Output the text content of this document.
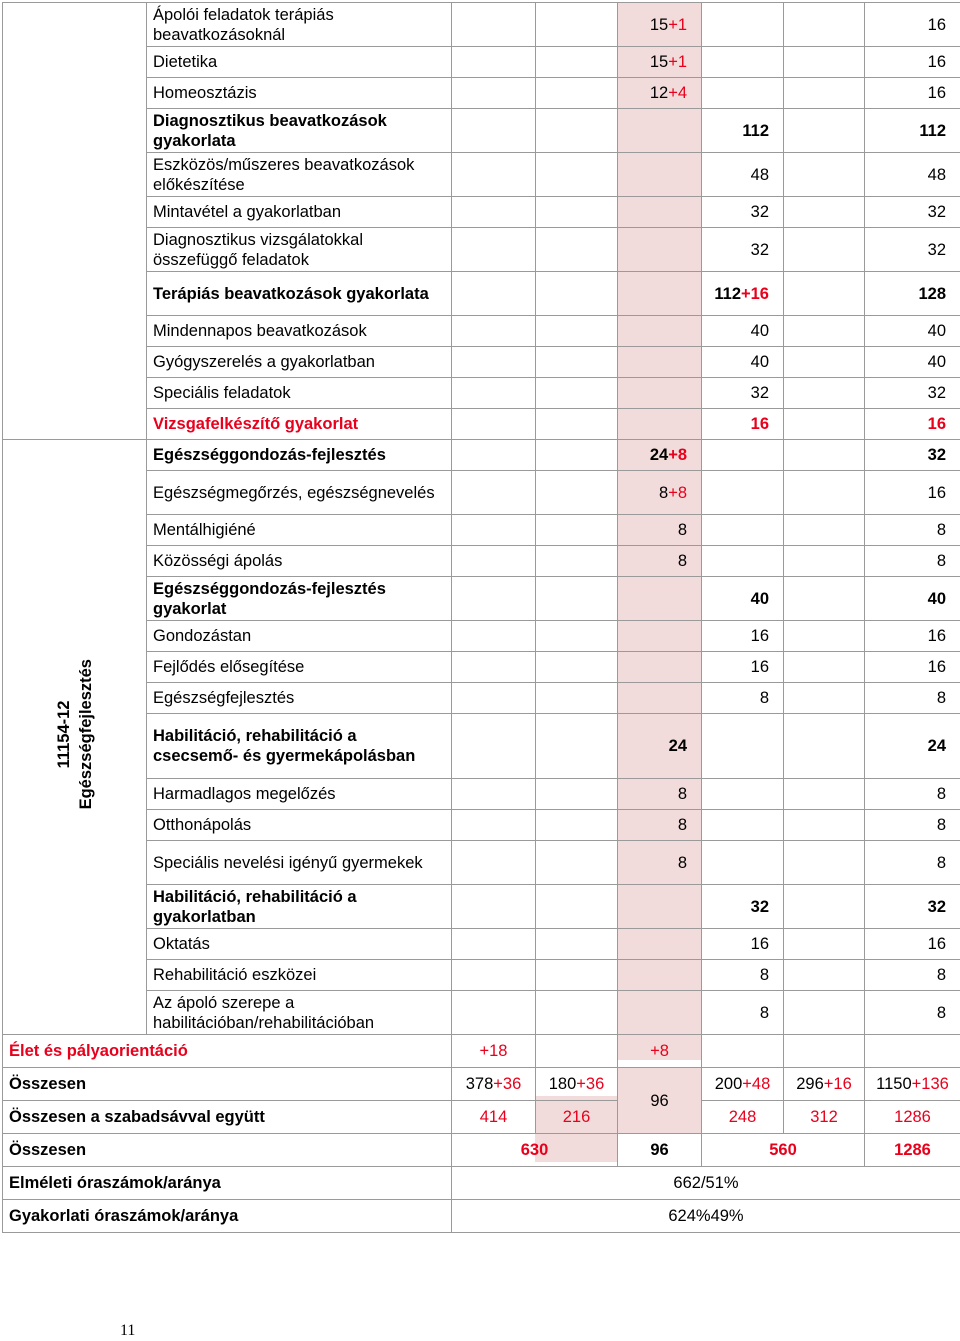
	Ápolói feladatok terápiás beavatkozásoknál			15+1			16
	Dietetika			15+1			16
	Homeosztázis			12+4			16
	Diagnosztikus beavatkozások gyakorlata				112		112
	Eszközös/műszeres beavatkozások előkészítése				48		48
	Mintavétel a gyakorlatban				32		32
	Diagnosztikus vizsgálatokkal összefüggő feladatok				32		32
	Terápiás beavatkozások gyakorlata				112+16		128
	Mindennapos beavatkozások				40		40
	Gyógyszerelés a gyakorlatban				40		40
	Speciális feladatok				32		32
	Vizsgafelkészítő gyakorlat				16		16
11154-12 Egészségfejlesztés	Egészséggondozás-fejlesztés			24+8			32
	Egészségmegőrzés, egészségnevelés			8+8			16
	Mentálhigiéné			8			8
	Közösségi ápolás			8			8
	Egészséggondozás-fejlesztés gyakorlat				40		40
	Gondozástan				16		16
	Fejlődés elősegítése				16		16
	Egészségfejlesztés				8		8
	Habilitáció, rehabilitáció a csecsemő- és gyermekápolásban			24			24
	Harmadlagos megelőzés			8			8
	Otthonápolás			8			8
	Speciális nevelési igényű gyermekek			8			8
	Habilitáció, rehabilitáció a gyakorlatban				32		32
	Oktatás				16		16
	Rehabilitáció eszközei				8		8
	Az ápoló szerepe a habilitációban/rehabilitációban				8		8
Élet és pályaorientáció		+18		+8			
Összesen		378+36	180+36	96	200+48	296+16	1150+136
Összesen a szabadsávval együtt		414	216		248	312	1286
Összesen		630		96	560		1286
Elméleti óraszámok/aránya		662/51%					
Gyakorlati óraszámok/aránya		624%49%					
11
